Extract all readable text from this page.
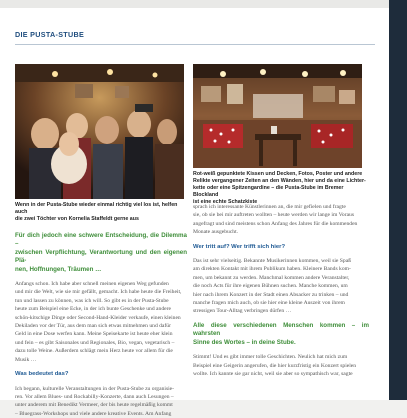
DIE PUSTA-STUBE
Wenn in der Pusta-Stube wieder einmal richtig viel los ist, helfen auch
die zwei Töchter von Kornelia Staffeldt gerne aus
Rot-weiß gepunktete Kissen und Decken, Fotos, Poster und andere
Relikte vergangener Zeiten an den Wänden, hier und da eine Lichter-
kette oder eine Spitzengardine – die Pusta-Stube im Bremer Blockland
ist eine echte Schatzkiste

Für dich jedoch eine schwere Entscheidung, die Dilemma –

zwischen Verpflichtung, Verantwortung und den eigenen Plä-

nen, Hoffnungen, Träumen …

Anfangs schon. Ich habe aber schnell meinen eigenen Weg gefunden

und mir die Welt, wie sie mir gefällt, gemacht. Ich habe heute die Freiheit,

tun und lassen zu können, was ich will. So gibt es in der Pusta-Stube

heute zum Beispiel eine Ecke, in der ich bunte Geschenke und andere

schön-kitschige Dinge oder Second-Hand-Kleider verkaufe, einen kleinen

Dekiladen vor der Tür, aus dem man sich etwas mitnehmen und dafür

Geld in eine Dose werfen kann. Meine Speisekarte ist heute eher klein

und fein – es gibt Saisonales und Regionales, Bio, vegan, vegetarisch –

dazu tolle Weine. Außerdem schlägt mein Herz heute vor allem für die

Musik …

Was bedeutet das?

Ich begann, kulturelle Veranstaltungen in der Pusta-Stube zu organisie-

ren. Vor allem Blues- und Rockabilly-Konzerte, dann auch Lesungen –

unter anderem mit Benedikt Vermeer, der bis heute regelmäßig kommt

– Bluegrass-Workshops und viele andere kreative Events. Am Anfang

sprach ich interessante Künstlerinnen an, die mir gefielen und fragte

sie, ob sie bei mir auftreten wollten – heute werden wir lange im Voraus

angefragt und sind meistens schon Anfang des Jahres für die kommenden

Monate ausgebucht.

Wer tritt auf? Wer trifft sich hier?

Das ist sehr vielseitig. Bekannte Musikerinnen kommen, weil sie Spaß

am direkten Kontakt mit ihrem Publikum haben. Kleinere Bands kom-

men, um bekannt zu werden. Manchmal kommen andere Veranstalter,

die noch Acts für ihre eigenen Bühnen suchen. Manche kommen, um

hier nach ihrem Konzert in der Stadt einen Absacker zu trinken – und

manche fragen mich auch, ob sie hier eine kleine Auszeit von ihrem

stressigen Tour-Alltag verbringen dürfen …

Alle diese verschiedenen Menschen kommen – im wahrsten

Sinne des Wortes – in deine Stube.

Stimmt! Und es gibt immer tolle Geschichten. Neulich hat mich zum

Beispiel eine Geigerin angerufen, die hier kurzfristig ein Konzert spielen

wollte. Ich kannte sie gar nicht, weil sie aber so sympathisch war, sagte
